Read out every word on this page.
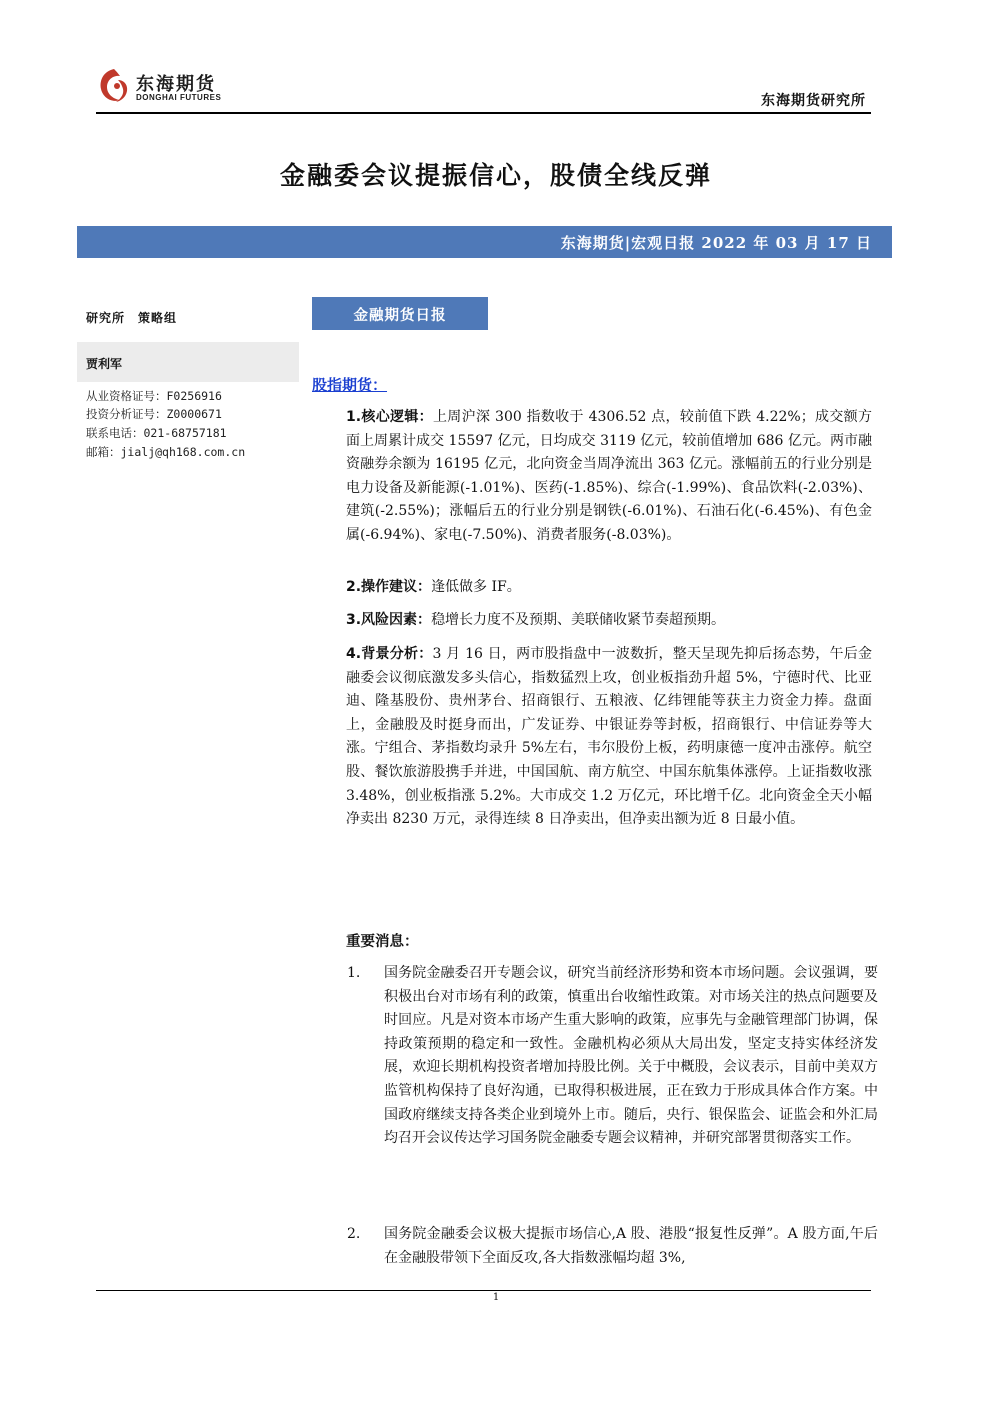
东海期货
DONGHAI FUTURES	东海期货研究所
金融委会议提振信心，股债全线反弹
东海期货|宏观日报 2022 年 03 月 17 日
研究所　策略组
贾利军
从业资格证号：F0256916
投资分析证号：Z0000671
联系电话：021-68757181
邮箱：jialj@qh168.com.cn
金融期货日报
股指期货：
1.核心逻辑：上周沪深 300 指数收于 4306.52 点，较前值下跌 4.22%；成交额方面上周累计成交 15597 亿元，日均成交 3119 亿元，较前值增加 686 亿元。两市融资融券余额为 16195 亿元，北向资金当周净流出 363 亿元。涨幅前五的行业分别是电力设备及新能源(-1.01%)、医药(-1.85%)、综合(-1.99%)、食品饮料(-2.03%)、建筑(-2.55%)；涨幅后五的行业分别是钢铁(-6.01%)、石油石化(-6.45%)、有色金属(-6.94%)、家电(-7.50%)、消费者服务(-8.03%)。
2.操作建议：逢低做多 IF。
3.风险因素：稳增长力度不及预期、美联储收紧节奏超预期。
4.背景分析：3 月 16 日，两市股指盘中一波数折，整天呈现先抑后扬态势，午后金融委会议彻底激发多头信心，指数猛烈上攻，创业板指劲升超 5%，宁德时代、比亚迪、隆基股份、贵州茅台、招商银行、五粮液、亿纬锂能等获主力资金力捧。盘面上，金融股及时挺身而出，广发证券、中银证券等封板，招商银行、中信证券等大涨。宁组合、茅指数均录升 5%左右，韦尔股份上板，药明康德一度冲击涨停。航空股、餐饮旅游股携手并进，中国国航、南方航空、中国东航集体涨停。上证指数收涨 3.48%，创业板指涨 5.2%。大市成交 1.2 万亿元，环比增千亿。北向资金全天小幅净卖出 8230 万元，录得连续 8 日净卖出，但净卖出额为近 8 日最小值。
重要消息：
1. 国务院金融委召开专题会议，研究当前经济形势和资本市场问题。会议强调，要积极出台对市场有利的政策，慎重出台收缩性政策。对市场关注的热点问题要及时回应。凡是对资本市场产生重大影响的政策，应事先与金融管理部门协调，保持政策预期的稳定和一致性。金融机构必须从大局出发，坚定支持实体经济发展，欢迎长期机构投资者增加持股比例。关于中概股，会议表示，目前中美双方监管机构保持了良好沟通，已取得积极进展，正在致力于形成具体合作方案。中国政府继续支持各类企业到境外上市。随后，央行、银保监会、证监会和外汇局均召开会议传达学习国务院金融委专题会议精神，并研究部署贯彻落实工作。
2. 国务院金融委会议极大提振市场信心,A 股、港股“报复性反弹”。A 股方面,午后在金融股带领下全面反攻,各大指数涨幅均超 3%,
1
